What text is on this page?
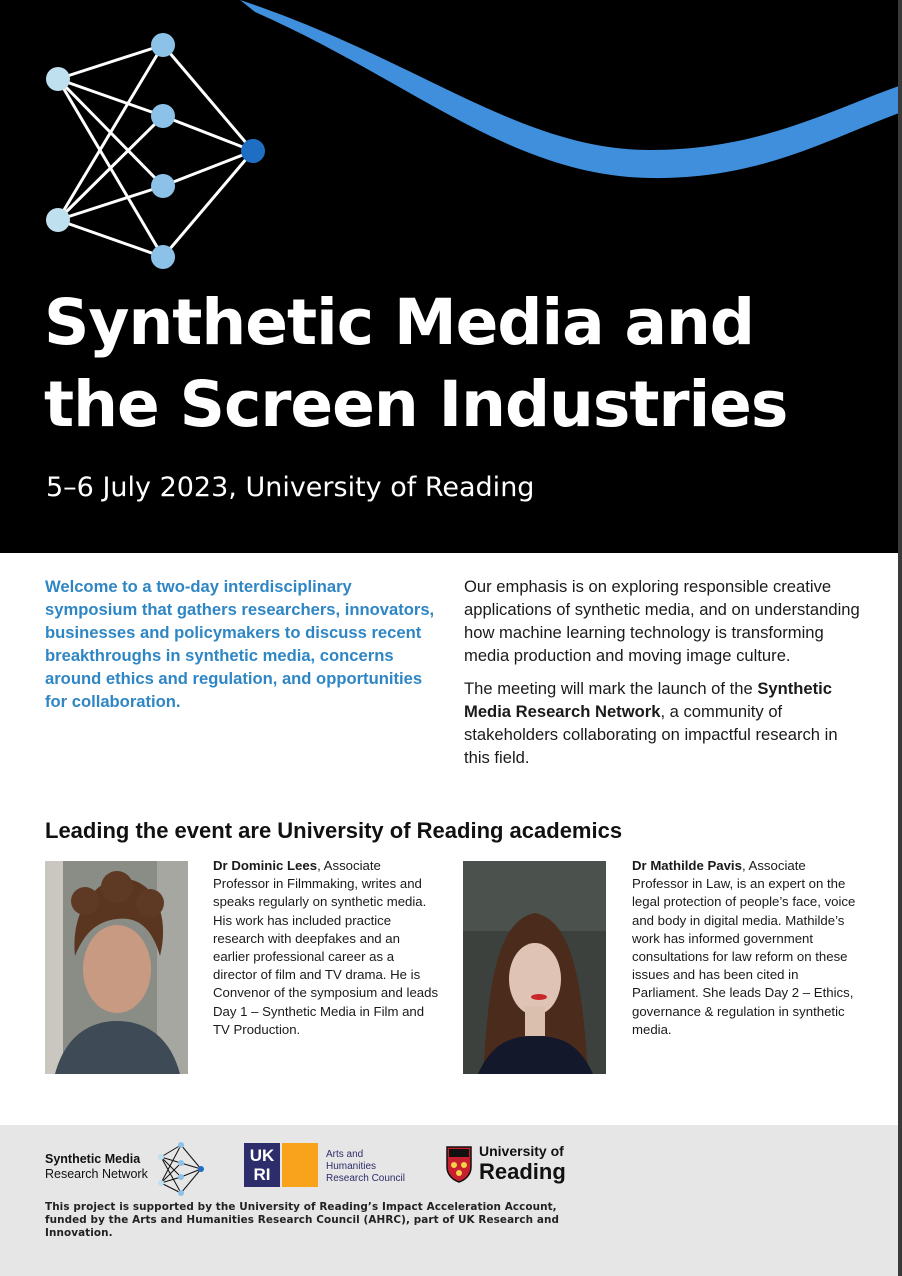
Synthetic Media and
the Screen Industries

5–6 July 2023, University of Reading

Welcome to a two-day interdisciplinary symposium that gathers researchers, innovators, businesses and policymakers to discuss recent breakthroughs in synthetic media, concerns around ethics and regulation, and opportunities for collaboration.

Our emphasis is on exploring responsible creative applications of synthetic media, and on understanding how machine learning technology is transforming media production and moving image culture.

The meeting will mark the launch of the Synthetic Media Research Network, a community of stakeholders collaborating on impactful research in this field.

Leading the event are University of Reading academics

Dr Dominic Lees, Associate Professor in Filmmaking, writes and speaks regularly on synthetic media. His work has included practice research with deepfakes and an earlier professional career as a director of film and TV drama. He is Convenor of the symposium and leads Day 1 – Synthetic Media in Film and TV Production.

Dr Mathilde Pavis, Associate Professor in Law, is an expert on the legal protection of people’s face, voice and body in digital media. Mathilde’s work has informed government consultations for law reform on these issues and has been cited in Parliament. She leads Day 2 – Ethics, governance & regulation in synthetic media.

Synthetic Media
Research Network
UK RI
Arts and
Humanities
Research Council
University of
Reading

This project is supported by the University of Reading’s Impact Acceleration Account, funded by the Arts and Humanities Research Council (AHRC), part of UK Research and Innovation.
